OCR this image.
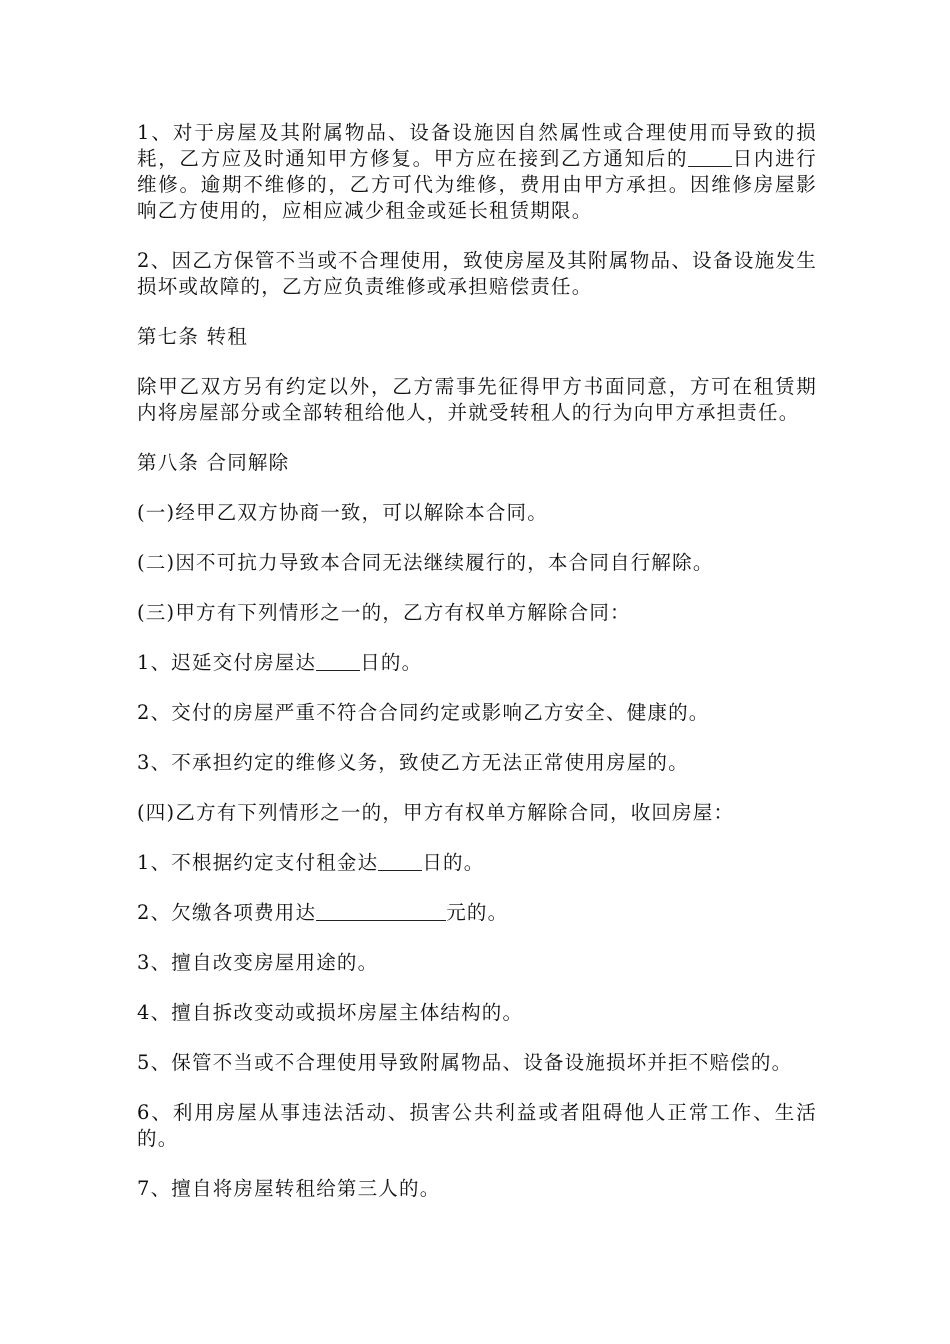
1、对于房屋及其附属物品、设备设施因自然属性或合理使用而导致的损耗，乙方应及时通知甲方修复。甲方应在接到乙方通知后的 日内进行维修。逾期不维修的，乙方可代为维修，费用由甲方承担。因维修房屋影响乙方使用的，应相应减少租金或延长租赁期限。

2、因乙方保管不当或不合理使用，致使房屋及其附属物品、设备设施发生损坏或故障的，乙方应负责维修或承担赔偿责任。

第七条 转租

除甲乙双方另有约定以外，乙方需事先征得甲方书面同意，方可在租赁期内将房屋部分或全部转租给他人，并就受转租人的行为向甲方承担责任。

第八条 合同解除

(一)经甲乙双方协商一致，可以解除本合同。

(二)因不可抗力导致本合同无法继续履行的，本合同自行解除。

(三)甲方有下列情形之一的，乙方有权单方解除合同：

1、迟延交付房屋达 日的。

2、交付的房屋严重不符合合同约定或影响乙方安全、健康的。

3、不承担约定的维修义务，致使乙方无法正常使用房屋的。

(四)乙方有下列情形之一的，甲方有权单方解除合同，收回房屋：

1、不根据约定支付租金达 日的。

2、欠缴各项费用达	元的。

3、擅自改变房屋用途的。

4、擅自拆改变动或损坏房屋主体结构的。

5、保管不当或不合理使用导致附属物品、设备设施损坏并拒不赔偿的。

6、利用房屋从事违法活动、损害公共利益或者阻碍他人正常工作、生活的。

7、擅自将房屋转租给第三人的。
